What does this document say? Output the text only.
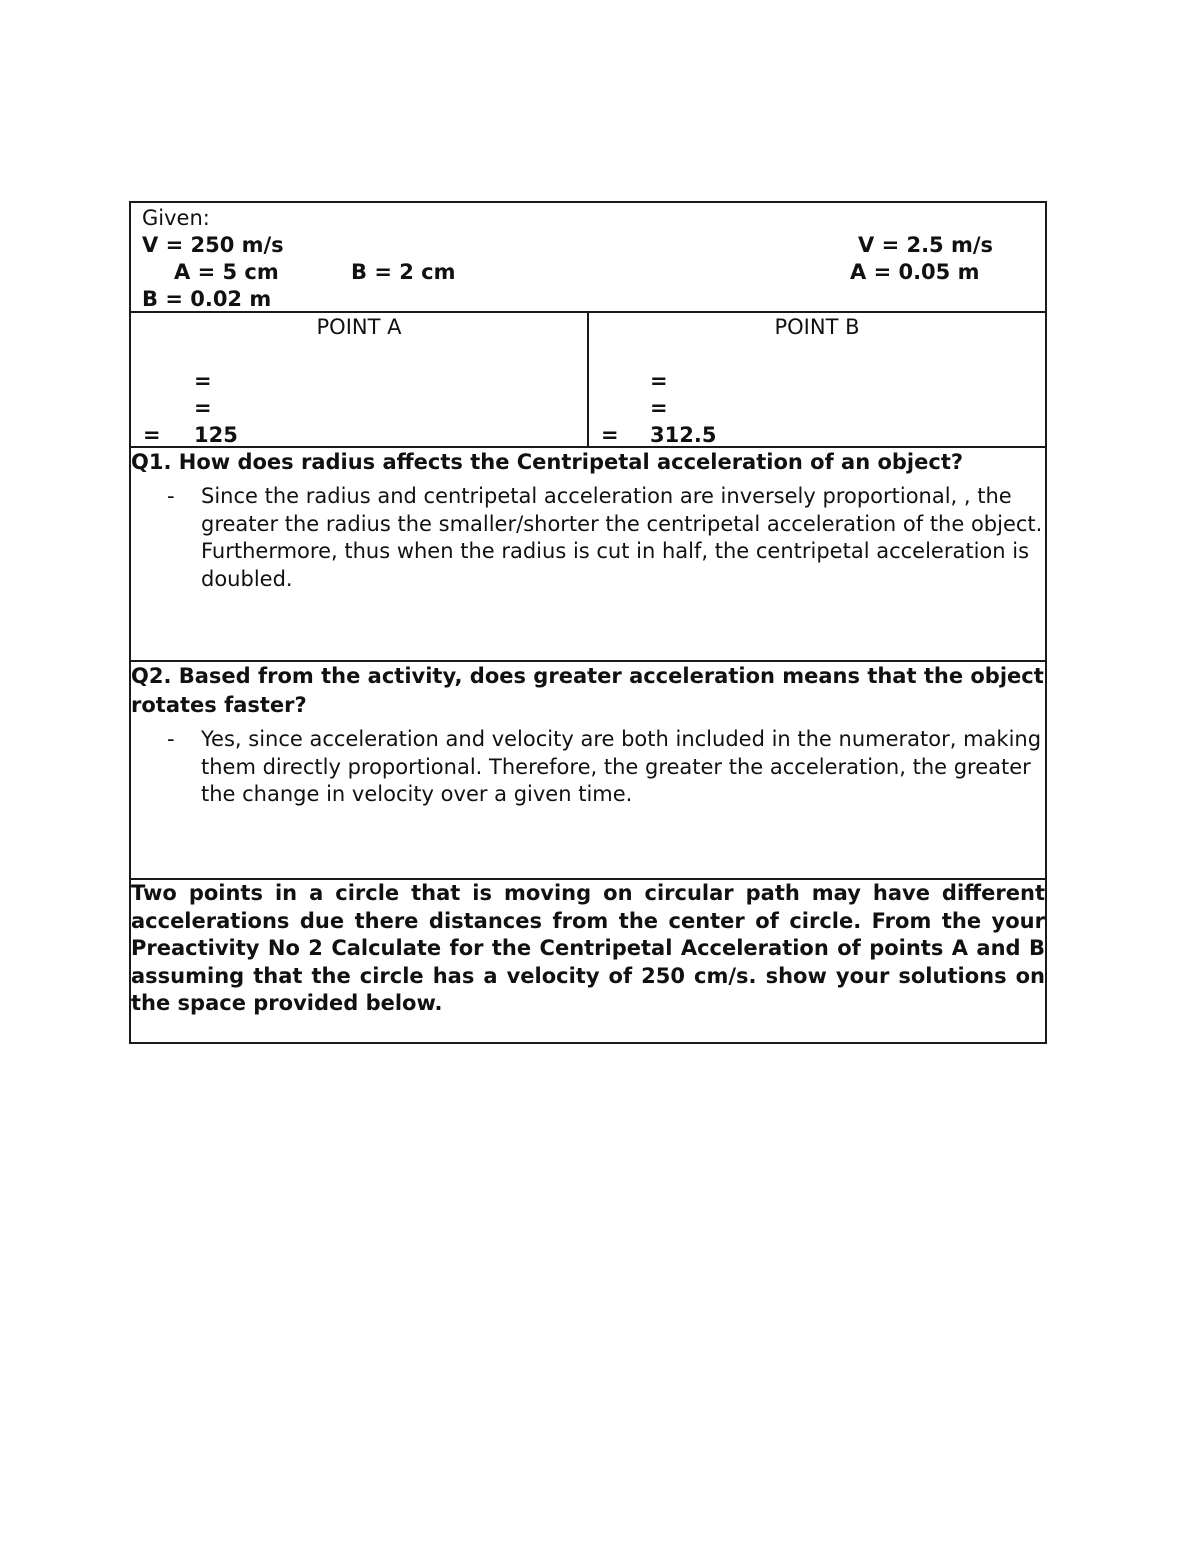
Given:
V = 250 m/s
A = 5 cm	B = 2 cm
B = 0.02 m
V = 2.5 m/s
A = 0.05 m

POINT A
=
=
= 125

POINT B
=
=
= 312.5

Q1. How does radius affects the Centripetal acceleration of an object?
- Since the radius and centripetal acceleration are inversely proportional, , the greater the radius the smaller/shorter the centripetal acceleration of the object. Furthermore, thus when the radius is cut in half, the centripetal acceleration is doubled.

Q2. Based from the activity, does greater acceleration means that the object rotates faster?
- Yes, since acceleration and velocity are both included in the numerator, making them directly proportional. Therefore, the greater the acceleration, the greater the change in velocity over a given time.

Two points in a circle that is moving on circular path may have different accelerations due there distances from the center of circle. From the your Preactivity No 2 Calculate for the Centripetal Acceleration of points A and B assuming that the circle has a velocity of 250 cm/s. show your solutions on the space provided below.
